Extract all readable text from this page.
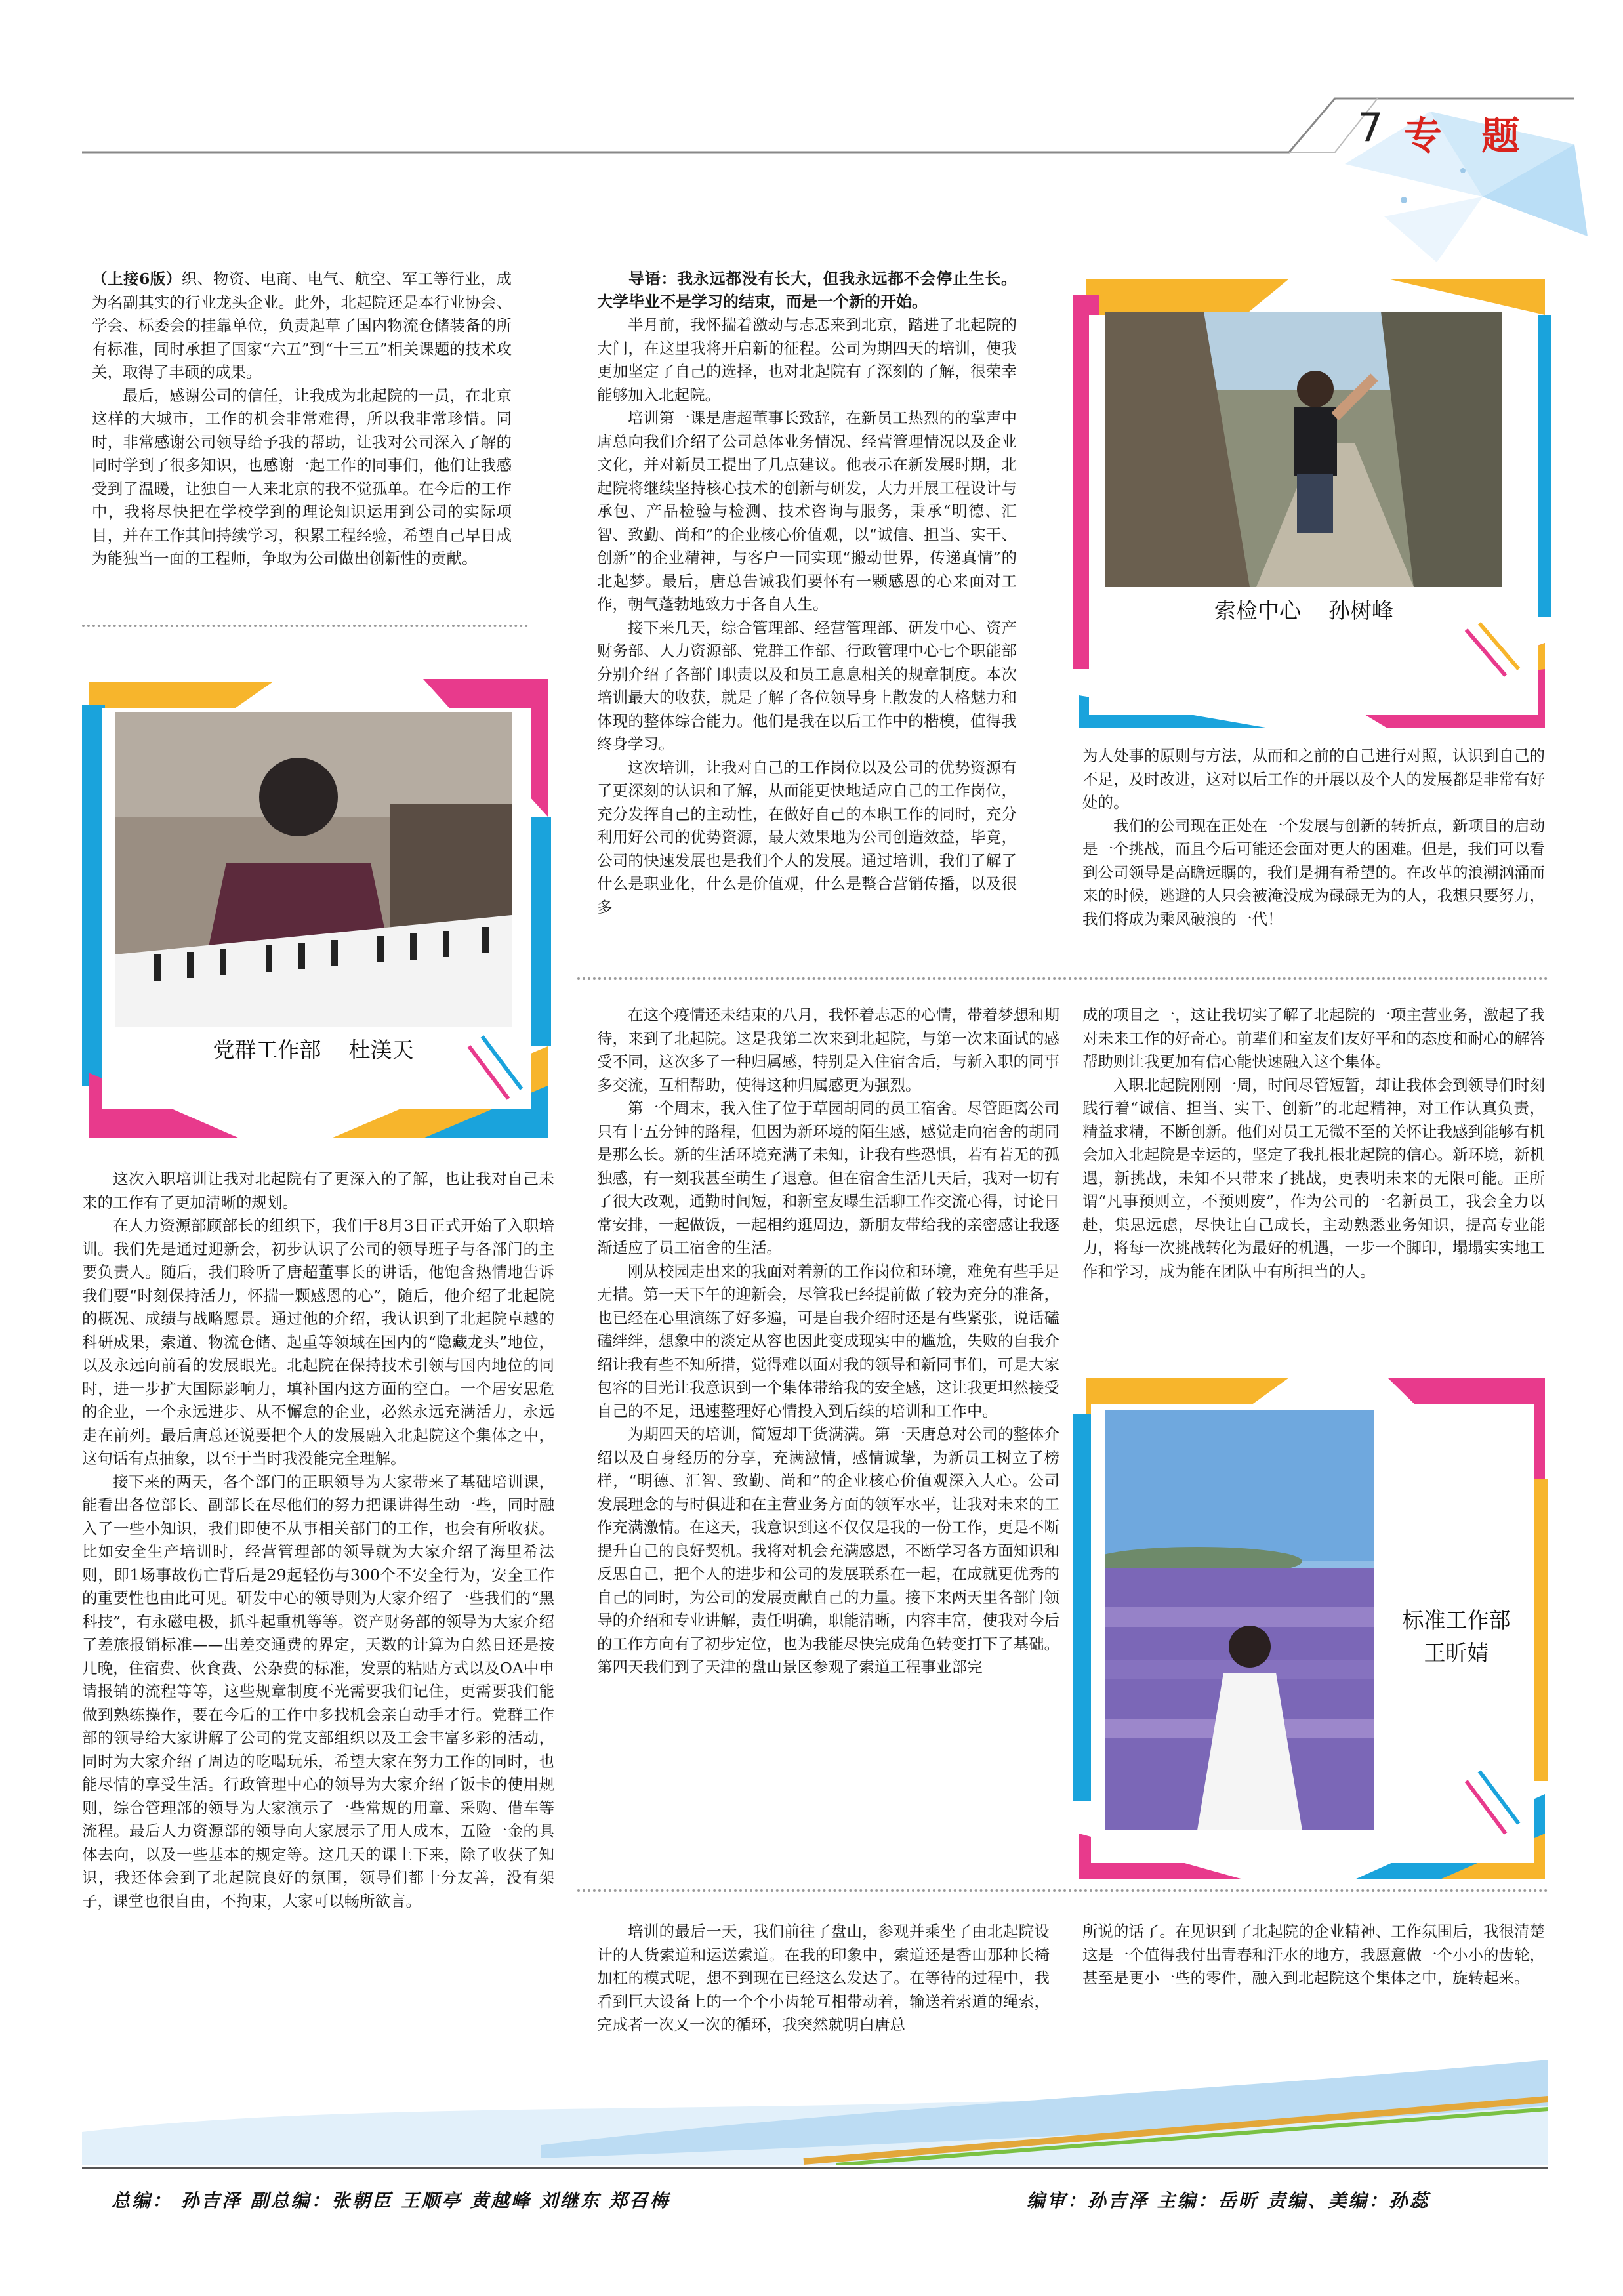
7 专 题

（上接6版）织、物资、电商、电气、航空、军工等行业，成为名副其实的行业龙头企业。此外，北起院还是本行业协会、学会、标委会的挂靠单位，负责起草了国内物流仓储装备的所有标准，同时承担了国家“六五”到“十三五”相关课题的技术攻关，取得了丰硕的成果。

最后，感谢公司的信任，让我成为北起院的一员，在北京这样的大城市，工作的机会非常难得，所以我非常珍惜。同时，非常感谢公司领导给予我的帮助，让我对公司深入了解的同时学到了很多知识，也感谢一起工作的同事们，他们让我感受到了温暖，让独自一人来北京的我不觉孤单。在今后的工作中，我将尽快把在学校学到的理论知识运用到公司的实际项目，并在工作其间持续学习，积累工程经验，希望自己早日成为能独当一面的工程师，争取为公司做出创新性的贡献。

导语：我永远都没有长大，但我永远都不会停止生长。大学毕业不是学习的结束，而是一个新的开始。

半月前，我怀揣着激动与忐忑来到北京，踏进了北起院的大门，在这里我将开启新的征程。公司为期四天的培训，使我更加坚定了自己的选择，也对北起院有了深刻的了解，很荣幸能够加入北起院。

培训第一课是唐超董事长致辞，在新员工热烈的的掌声中唐总向我们介绍了公司总体业务情况、经营管理情况以及企业文化，并对新员工提出了几点建议。他表示在新发展时期，北起院将继续坚持核心技术的创新与研发，大力开展工程设计与承包、产品检验与检测、技术咨询与服务，秉承“明德、汇智、致勤、尚和”的企业核心价值观，以“诚信、担当、实干、创新”的企业精神，与客户一同实现“搬动世界，传递真情”的北起梦。最后，唐总告诫我们要怀有一颗感恩的心来面对工作，朝气蓬勃地致力于各自人生。

接下来几天，综合管理部、经营管理部、研发中心、资产财务部、人力资源部、党群工作部、行政管理中心七个职能部分别介绍了各部门职责以及和员工息息相关的规章制度。本次培训最大的收获，就是了解了各位领导身上散发的人格魅力和体现的整体综合能力。他们是我在以后工作中的楷模，值得我终身学习。

这次培训，让我对自己的工作岗位以及公司的优势资源有了更深刻的认识和了解，从而能更快地适应自己的工作岗位，充分发挥自己的主动性，在做好自己的本职工作的同时，充分利用好公司的优势资源，最大效果地为公司创造效益，毕竟，公司的快速发展也是我们个人的发展。通过培训，我们了解了什么是职业化，什么是价值观，什么是整合营销传播，以及很多

索检中心 孙树峰

为人处事的原则与方法，从而和之前的自己进行对照，认识到自己的不足，及时改进，这对以后工作的开展以及个人的发展都是非常有好处的。

我们的公司现在正处在一个发展与创新的转折点，新项目的启动是一个挑战，而且今后可能还会面对更大的困难。但是，我们可以看到公司领导是高瞻远瞩的，我们是拥有希望的。在改革的浪潮汹涌而来的时候，逃避的人只会被淹没成为碌碌无为的人，我想只要努力，我们将成为乘风破浪的一代！

党群工作部 杜渼天

这次入职培训让我对北起院有了更深入的了解，也让我对自己未来的工作有了更加清晰的规划。

在人力资源部顾部长的组织下，我们于8月3日正式开始了入职培训。我们先是通过迎新会，初步认识了公司的领导班子与各部门的主要负责人。随后，我们聆听了唐超董事长的讲话，他饱含热情地告诉我们要“时刻保持活力，怀揣一颗感恩的心”，随后，他介绍了北起院的概况、成绩与战略愿景。通过他的介绍，我认识到了北起院卓越的科研成果，索道、物流仓储、起重等领域在国内的“隐藏龙头”地位，以及永远向前看的发展眼光。北起院在保持技术引领与国内地位的同时，进一步扩大国际影响力，填补国内这方面的空白。一个居安思危的企业，一个永远进步、从不懈怠的企业，必然永远充满活力，永远走在前列。最后唐总还说要把个人的发展融入北起院这个集体之中，这句话有点抽象，以至于当时我没能完全理解。

接下来的两天，各个部门的正职领导为大家带来了基础培训课，能看出各位部长、副部长在尽他们的努力把课讲得生动一些，同时融入了一些小知识，我们即使不从事相关部门的工作，也会有所收获。比如安全生产培训时，经营管理部的领导就为大家介绍了海里希法则，即1场事故伤亡背后是29起轻伤与300个不安全行为，安全工作的重要性也由此可见。研发中心的领导则为大家介绍了一些我们的“黑科技”，有永磁电极，抓斗起重机等等。资产财务部的领导为大家介绍了差旅报销标准——出差交通费的界定，天数的计算为自然日还是按几晚，住宿费、伙食费、公杂费的标准，发票的粘贴方式以及OA中申请报销的流程等等，这些规章制度不光需要我们记住，更需要我们能做到熟练操作，要在今后的工作中多找机会亲自动手才行。党群工作部的领导给大家讲解了公司的党支部组织以及工会丰富多彩的活动，同时为大家介绍了周边的吃喝玩乐，希望大家在努力工作的同时，也能尽情的享受生活。行政管理中心的领导为大家介绍了饭卡的使用规则，综合管理部的领导为大家演示了一些常规的用章、采购、借车等流程。最后人力资源部的领导向大家展示了用人成本，五险一金的具体去向，以及一些基本的规定等。这几天的课上下来，除了收获了知识，我还体会到了北起院良好的氛围，领导们都十分友善，没有架子，课堂也很自由，不拘束，大家可以畅所欲言。

在这个疫情还未结束的八月，我怀着忐忑的心情，带着梦想和期待，来到了北起院。这是我第二次来到北起院，与第一次来面试的感受不同，这次多了一种归属感，特别是入住宿舍后，与新入职的同事多交流，互相帮助，使得这种归属感更为强烈。

第一个周末，我入住了位于草园胡同的员工宿舍。尽管距离公司只有十五分钟的路程，但因为新环境的陌生感，感觉走向宿舍的胡同是那么长。新的生活环境充满了未知，让我有些恐惧，若有若无的孤独感，有一刻我甚至萌生了退意。但在宿舍生活几天后，我对一切有了很大改观，通勤时间短，和新室友曝生活聊工作交流心得，讨论日常安排，一起做饭，一起相约逛周边，新朋友带给我的亲密感让我逐渐适应了员工宿舍的生活。

刚从校园走出来的我面对着新的工作岗位和环境，难免有些手足无措。第一天下午的迎新会，尽管我已经提前做了较为充分的准备，也已经在心里演练了好多遍，可是自我介绍时还是有些紧张，说话磕磕绊绊，想象中的淡定从容也因此变成现实中的尴尬，失败的自我介绍让我有些不知所措，觉得难以面对我的领导和新同事们，可是大家包容的目光让我意识到一个集体带给我的安全感，这让我更坦然接受自己的不足，迅速整理好心情投入到后续的培训和工作中。

为期四天的培训，简短却干货满满。第一天唐总对公司的整体介绍以及自身经历的分享，充满激情，感情诚挚，为新员工树立了榜样，“明德、汇智、致勤、尚和”的企业核心价值观深入人心。公司发展理念的与时俱进和在主营业务方面的领军水平，让我对未来的工作充满激情。在这天，我意识到这不仅仅是我的一份工作，更是不断提升自己的良好契机。我将对机会充满感恩，不断学习各方面知识和反思自己，把个人的进步和公司的发展联系在一起，在成就更优秀的自己的同时，为公司的发展贡献自己的力量。接下来两天里各部门领导的介绍和专业讲解，责任明确，职能清晰，内容丰富，使我对今后的工作方向有了初步定位，也为我能尽快完成角色转变打下了基础。第四天我们到了天津的盘山景区参观了索道工程事业部完

成的项目之一，这让我切实了解了北起院的一项主营业务，激起了我对未来工作的好奇心。前辈们和室友们友好平和的态度和耐心的解答帮助则让我更加有信心能快速融入这个集体。

入职北起院刚刚一周，时间尽管短暂，却让我体会到领导们时刻践行着“诚信、担当、实干、创新”的北起精神，对工作认真负责，精益求精，不断创新。他们对员工无微不至的关怀让我感到能够有机会加入北起院是幸运的，坚定了我扎根北起院的信心。新环境，新机遇，新挑战，未知不只带来了挑战，更表明未来的无限可能。正所谓“凡事预则立，不预则废”，作为公司的一名新员工，我会全力以赴，集思远虑，尽快让自己成长，主动熟悉业务知识，提高专业能力，将每一次挑战转化为最好的机遇，一步一个脚印，塌塌实实地工作和学习，成为能在团队中有所担当的人。

标准工作部
王昕婧

培训的最后一天，我们前往了盘山，参观并乘坐了由北起院设计的人货索道和运送索道。在我的印象中，索道还是香山那种长椅加杠的模式呢，想不到现在已经这么发达了。在等待的过程中，我看到巨大设备上的一个个小齿轮互相带动着，输送着索道的绳索，完成者一次又一次的循环，我突然就明白唐总

所说的话了。在见识到了北起院的企业精神、工作氛围后，我很清楚这是一个值得我付出青春和汗水的地方，我愿意做一个小小的齿轮，甚至是更小一些的零件，融入到北起院这个集体之中，旋转起来。

总编： 孙吉泽 副总编：张朝臣 王顺亭 黄越峰 刘继东 郑召梅	编审：孙吉泽 主编：岳昕 责编、美编：孙蕊
